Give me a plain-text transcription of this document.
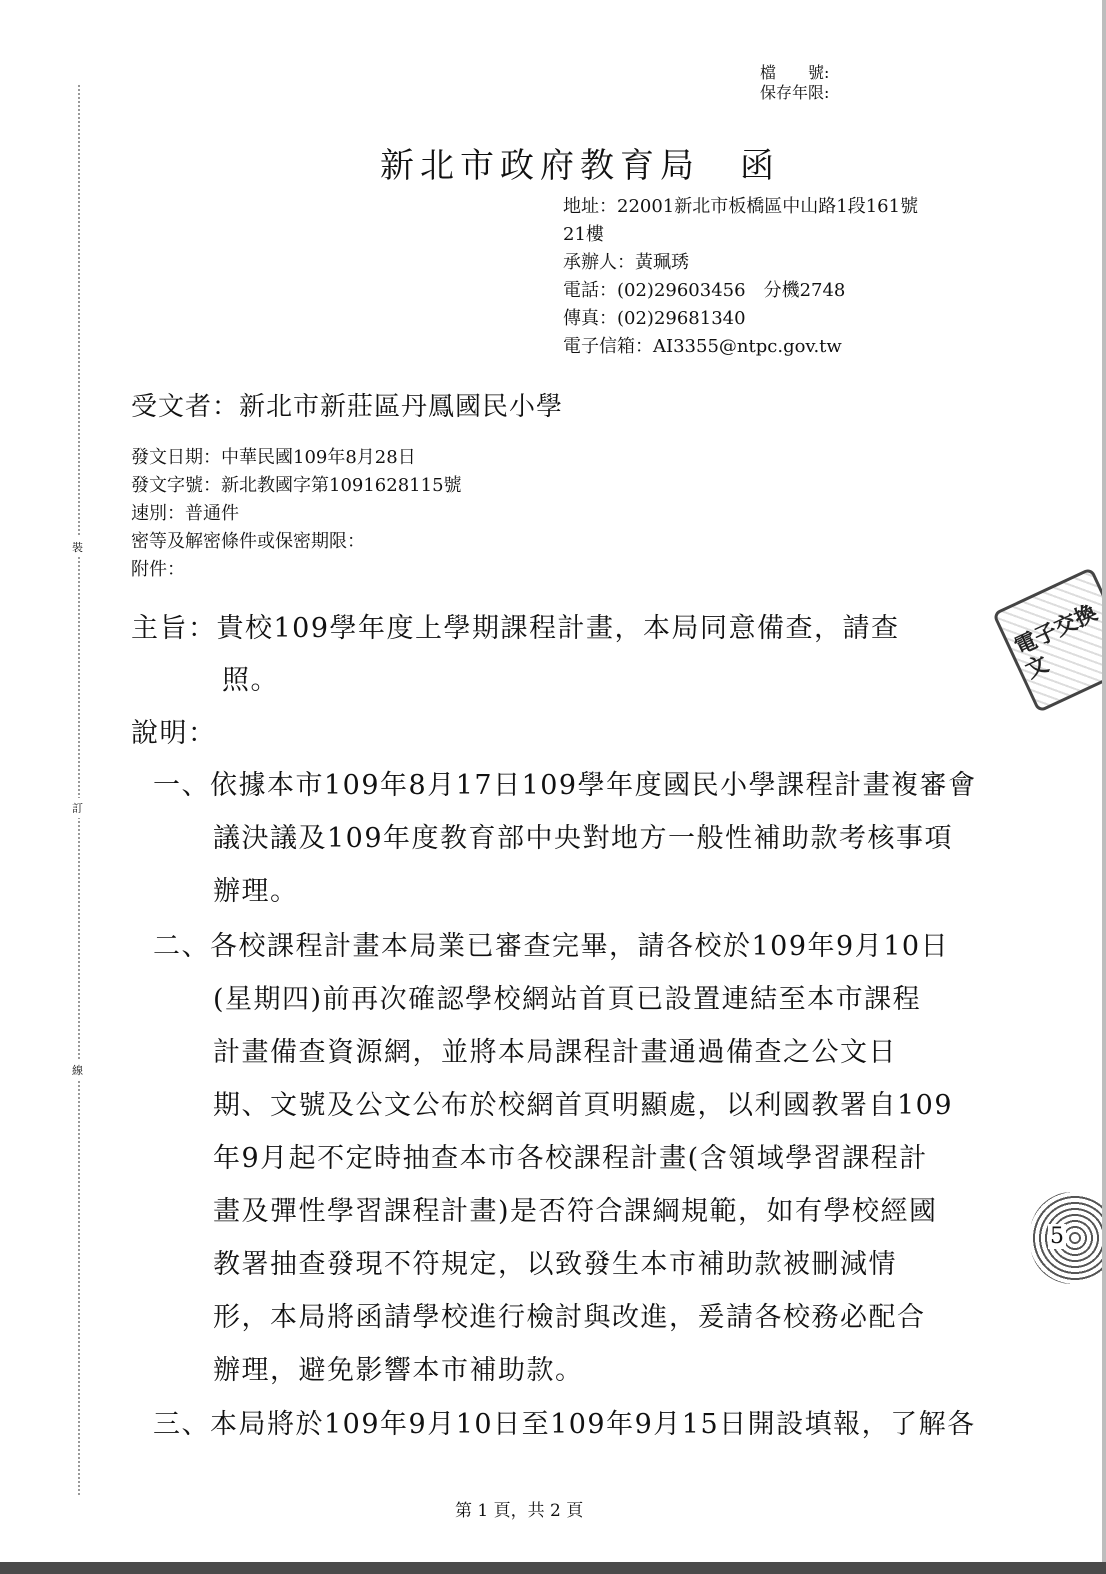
裝
訂
線
檔　　號:
保存年限:
新北市政府教育局　函
地址：22001新北市板橋區中山路1段161號
21樓
承辦人：黃珮琇
電話：(02)29603456　分機2748
傳真：(02)29681340
電子信箱：AI3355@ntpc.gov.tw
受文者：新北市新莊區丹鳳國民小學
發文日期：中華民國109年8月28日
發文字號：新北教國字第1091628115號
速別：普通件
密等及解密條件或保密期限：
附件：
主旨：貴校109學年度上學期課程計畫，本局同意備查，請查
照。
說明：
一、依據本市109年8月17日109學年度國民小學課程計畫複審會
議決議及109年度教育部中央對地方一般性補助款考核事項
辦理。
二、各校課程計畫本局業已審查完畢，請各校於109年9月10日
(星期四)前再次確認學校網站首頁已設置連結至本市課程
計畫備查資源網，並將本局課程計畫通過備查之公文日
期、文號及公文公布於校網首頁明顯處，以利國教署自109
年9月起不定時抽查本市各校課程計畫(含領域學習課程計
畫及彈性學習課程計畫)是否符合課綱規範，如有學校經國
教署抽查發現不符規定，以致發生本市補助款被刪減情
形，本局將函請學校進行檢討與改進，爰請各校務必配合
辦理，避免影響本市補助款。
三、本局將於109年9月10日至109年9月15日開設填報，了解各
電子交換文
5
第 1 頁，共 2 頁
